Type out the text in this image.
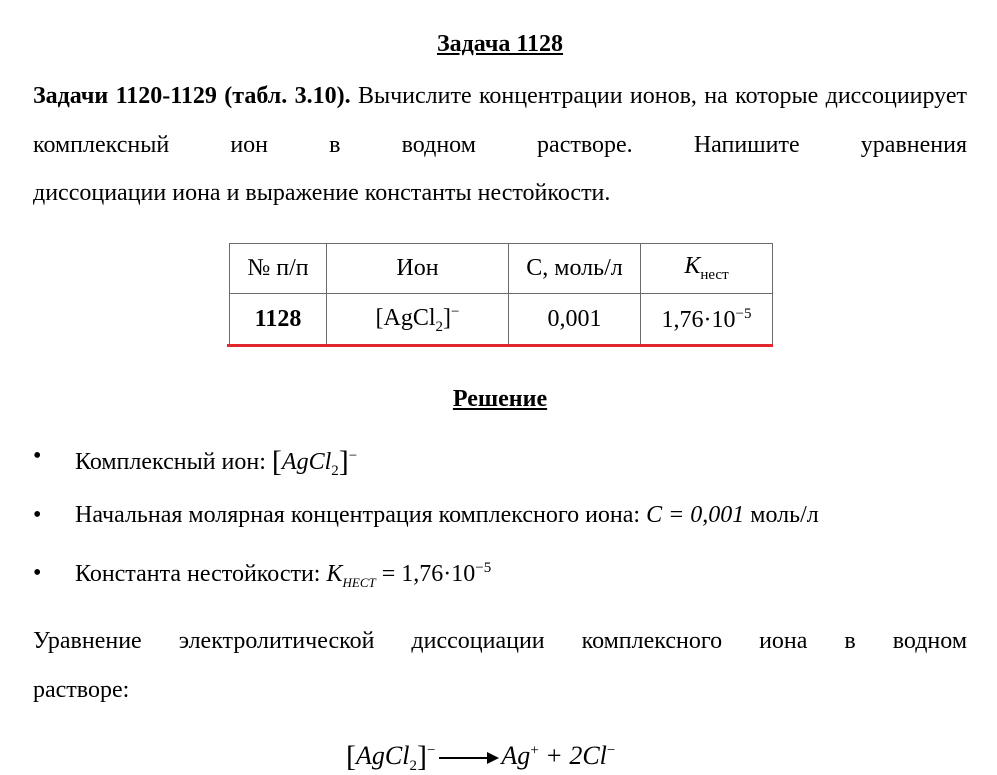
Задача 1128

Задачи 1120-1129 (табл. 3.10). Вычислите концентрации ионов, на которые диссоциирует комплексный ион в водном растворе. Напишите уравнения

диссоциации иона и выражение константы нестойкости.

№ п/п	Ион	С, моль/л	$K_{нест}$
1128	[AgCl$_2$]−	0,001	$1,76\cdot 10^{-5}$
Решение
•	Комплексный ион: [AgCl$_2$]−
•	Начальная молярная концентрация комплексного иона: C = 0,001 моль/л
•	Константа нестойкости: $K_{НЕСТ} = 1,76\cdot 10^{-5}$

Уравнение электролитической диссоциации комплексного иона в водном

растворе:

[AgCl$_2$]− → Ag+ + 2Cl−
